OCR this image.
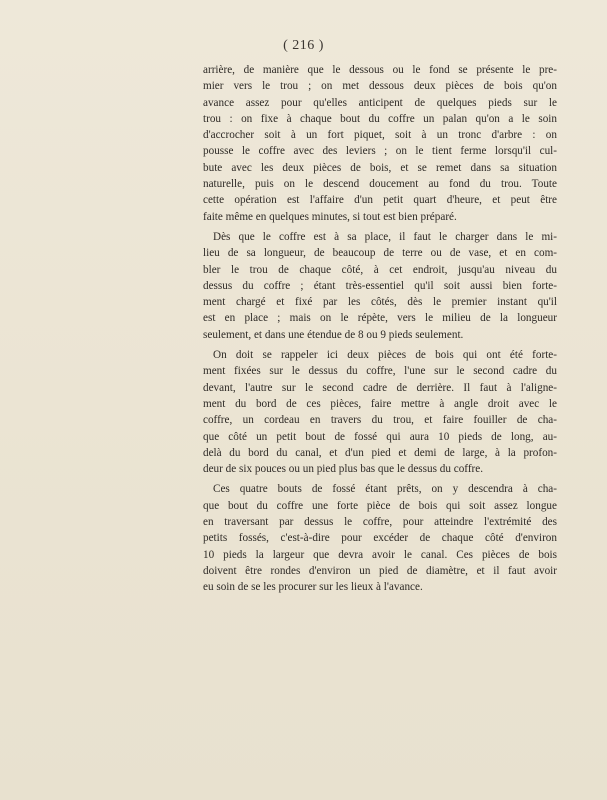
( 216 )
arrière, de manière que le dessous ou le fond se présente le pre-
mier vers le trou ; on met dessous deux pièces de bois qu'on
avance assez pour qu'elles anticipent de quelques pieds sur le
trou : on fixe à chaque bout du coffre un palan qu'on a le soin
d'accrocher soit à un fort piquet, soit à un tronc d'arbre : on
pousse le coffre avec des leviers ; on le tient ferme lorsqu'il cul-
bute avec les deux pièces de bois, et se remet dans sa situation
naturelle, puis on le descend doucement au fond du trou. Toute
cette opération est l'affaire d'un petit quart d'heure, et peut être
faite même en quelques minutes, si tout est bien préparé.
Dès que le coffre est à sa place, il faut le charger dans le mi-
lieu de sa longueur, de beaucoup de terre ou de vase, et en com-
bler le trou de chaque côté, à cet endroit, jusqu'au niveau du
dessus du coffre ; étant très-essentiel qu'il soit aussi bien forte-
ment chargé et fixé par les côtés, dès le premier instant qu'il
est en place ; mais on le répète, vers le milieu de la longueur
seulement, et dans une étendue de 8 ou 9 pieds seulement.
On doit se rappeler ici deux pièces de bois qui ont été forte-
ment fixées sur le dessus du coffre, l'une sur le second cadre du
devant, l'autre sur le second cadre de derrière. Il faut à l'aligne-
ment du bord de ces pièces, faire mettre à angle droit avec le
coffre, un cordeau en travers du trou, et faire fouiller de cha-
que côté un petit bout de fossé qui aura 10 pieds de long, au-
delà du bord du canal, et d'un pied et demi de large, à la profon-
deur de six pouces ou un pied plus bas que le dessus du coffre.
Ces quatre bouts de fossé étant prêts, on y descendra à cha-
que bout du coffre une forte pièce de bois qui soit assez longue
en traversant par dessus le coffre, pour atteindre l'extrémité des
petits fossés, c'est-à-dire pour excéder de chaque côté d'environ
10 pieds la largeur que devra avoir le canal. Ces pièces de bois
doivent être rondes d'environ un pied de diamètre, et il faut avoir
eu soin de se les procurer sur les lieux à l'avance.
